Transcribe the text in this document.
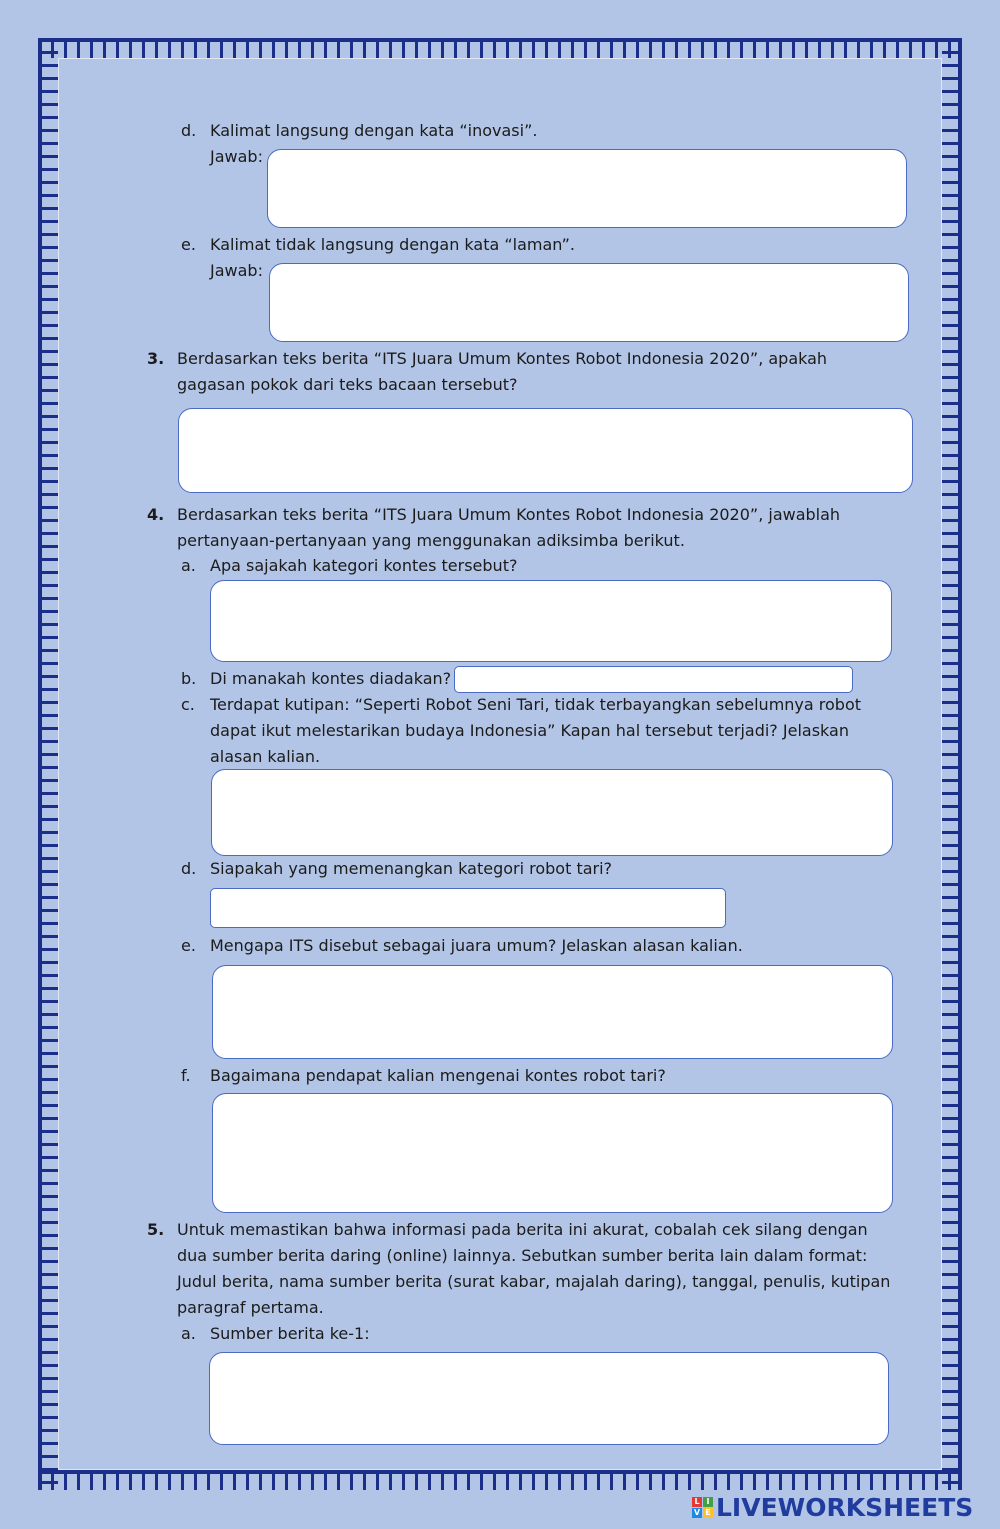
d. Kalimat langsung dengan kata “inovasi”.
Jawab:
e. Kalimat tidak langsung dengan kata “laman”.
Jawab:
3. Berdasarkan teks berita “ITS Juara Umum Kontes Robot Indonesia 2020”, apakah
gagasan pokok dari teks bacaan tersebut?
4. Berdasarkan teks berita “ITS Juara Umum Kontes Robot Indonesia 2020”, jawablah
pertanyaan-pertanyaan yang menggunakan adiksimba berikut.
a. Apa sajakah kategori kontes tersebut?
b. Di manakah kontes diadakan?
c. Terdapat kutipan: “Seperti Robot Seni Tari, tidak terbayangkan sebelumnya robot
dapat ikut melestarikan budaya Indonesia” Kapan hal tersebut terjadi? Jelaskan
alasan kalian.
d. Siapakah yang memenangkan kategori robot tari?
e. Mengapa ITS disebut sebagai juara umum? Jelaskan alasan kalian.
f. Bagaimana pendapat kalian mengenai kontes robot tari?
5. Untuk memastikan bahwa informasi pada berita ini akurat, cobalah cek silang dengan
dua sumber berita daring (online) lainnya. Sebutkan sumber berita lain dalam format:
Judul berita, nama sumber berita (surat kabar, majalah daring), tanggal, penulis, kutipan
paragraf pertama.
a. Sumber berita ke-1:
L I
V E LIVEWORKSHEETS
